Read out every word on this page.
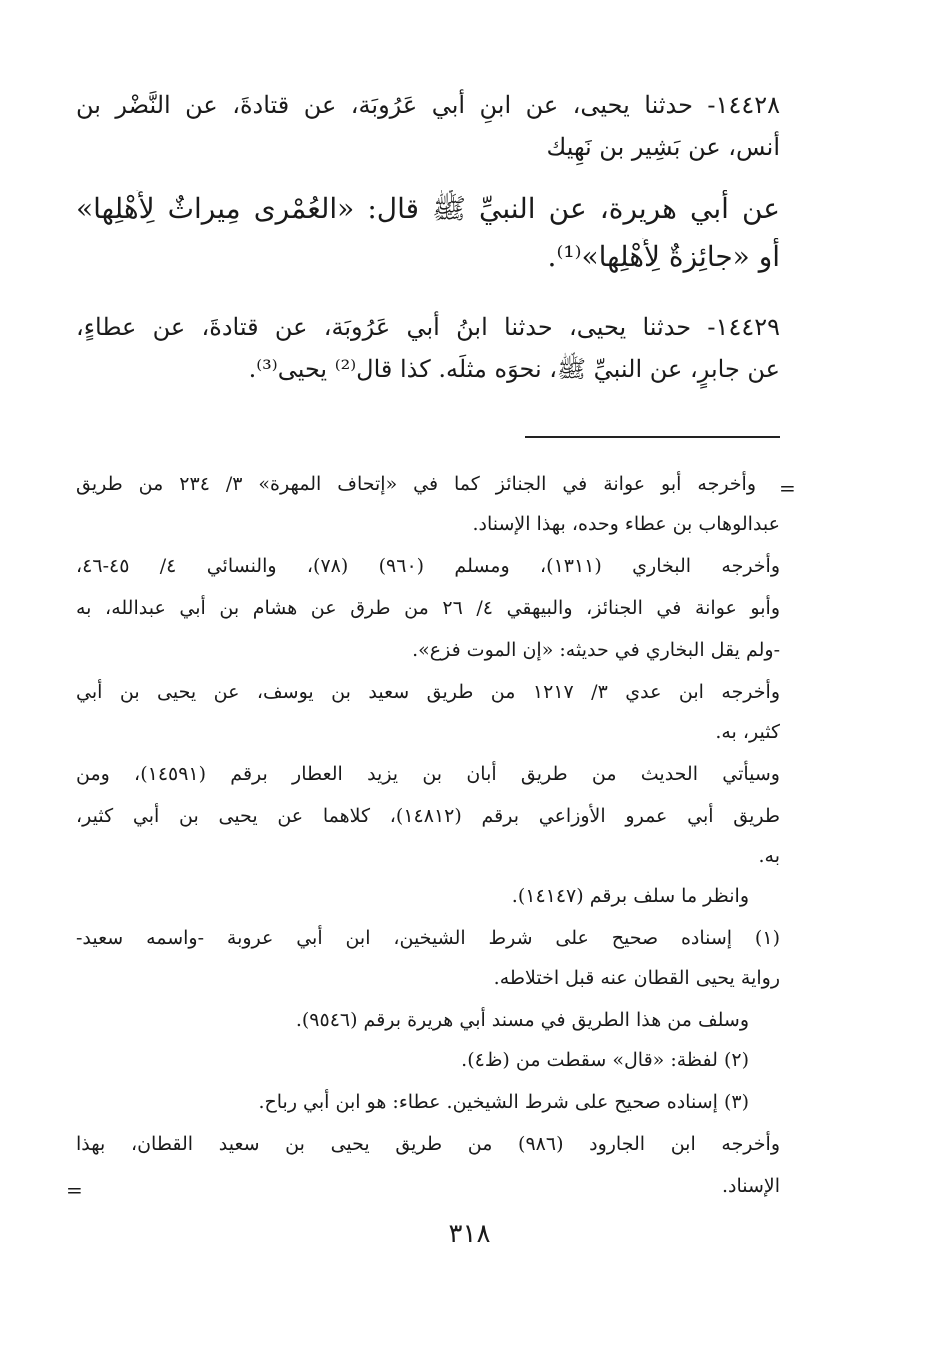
١٤٤٢٨- حدثنا يحيى، عن ابنِ أبي عَرُوبَة، عن قتادةَ، عن النَّضْر بن
أنس، عن بَشِير بن نَهِيك
عن أبي هريرة، عن النبيِّ ﷺ قال: «العُمْرى مِيراثٌ لِأَهْلِها»
أو «جائِزةٌ لِأَهْلِها»⁽¹⁾.
١٤٤٢٩- حدثنا يحيى، حدثنا ابنُ أبي عَرُوبَة، عن قتادةَ، عن عطاءٍ،
عن جابرٍ، عن النبيِّ ﷺ، نحوَه مثلَه. كذا قال⁽²⁾ يحيى⁽³⁾.
=
وأخرجه أبو عوانة في الجنائز كما في «إتحاف المهرة» ٣/ ٢٣٤ من طريق
عبدالوهاب بن عطاء وحده، بهذا الإسناد.
وأخرجه البخاري (١٣١١)، ومسلم (٩٦٠) (٧٨)، والنسائي ٤/ ٤٥-٤٦،
وأبو عوانة في الجنائز، والبيهقي ٤/ ٢٦ من طرق عن هشام بن أبي عبدالله، به
-ولم يقل البخاري في حديثه: «إن الموت فزع».
وأخرجه ابن عدي ٣/ ١٢١٧ من طريق سعيد بن يوسف، عن يحيى بن أبي
كثير، به.
وسيأتي الحديث من طريق أبان بن يزيد العطار برقم (١٤٥٩١)، ومن
طريق أبي عمرو الأوزاعي برقم (١٤٨١٢)، كلاهما عن يحيى بن أبي كثير،
به.
وانظر ما سلف برقم (١٤١٤٧).
(١) إسناده صحيح على شرط الشيخين، ابن أبي عروبة -واسمه سعيد-
رواية يحيى القطان عنه قبل اختلاطه.
وسلف من هذا الطريق في مسند أبي هريرة برقم (٩٥٤٦).
(٢) لفظة: «قال» سقطت من (ظ٤).
(٣) إسناده صحيح على شرط الشيخين. عطاء: هو ابن أبي رباح.
وأخرجه ابن الجارود (٩٨٦) من طريق يحيى بن سعيد القطان، بهذا
الإسناد.
=
٣١٨
